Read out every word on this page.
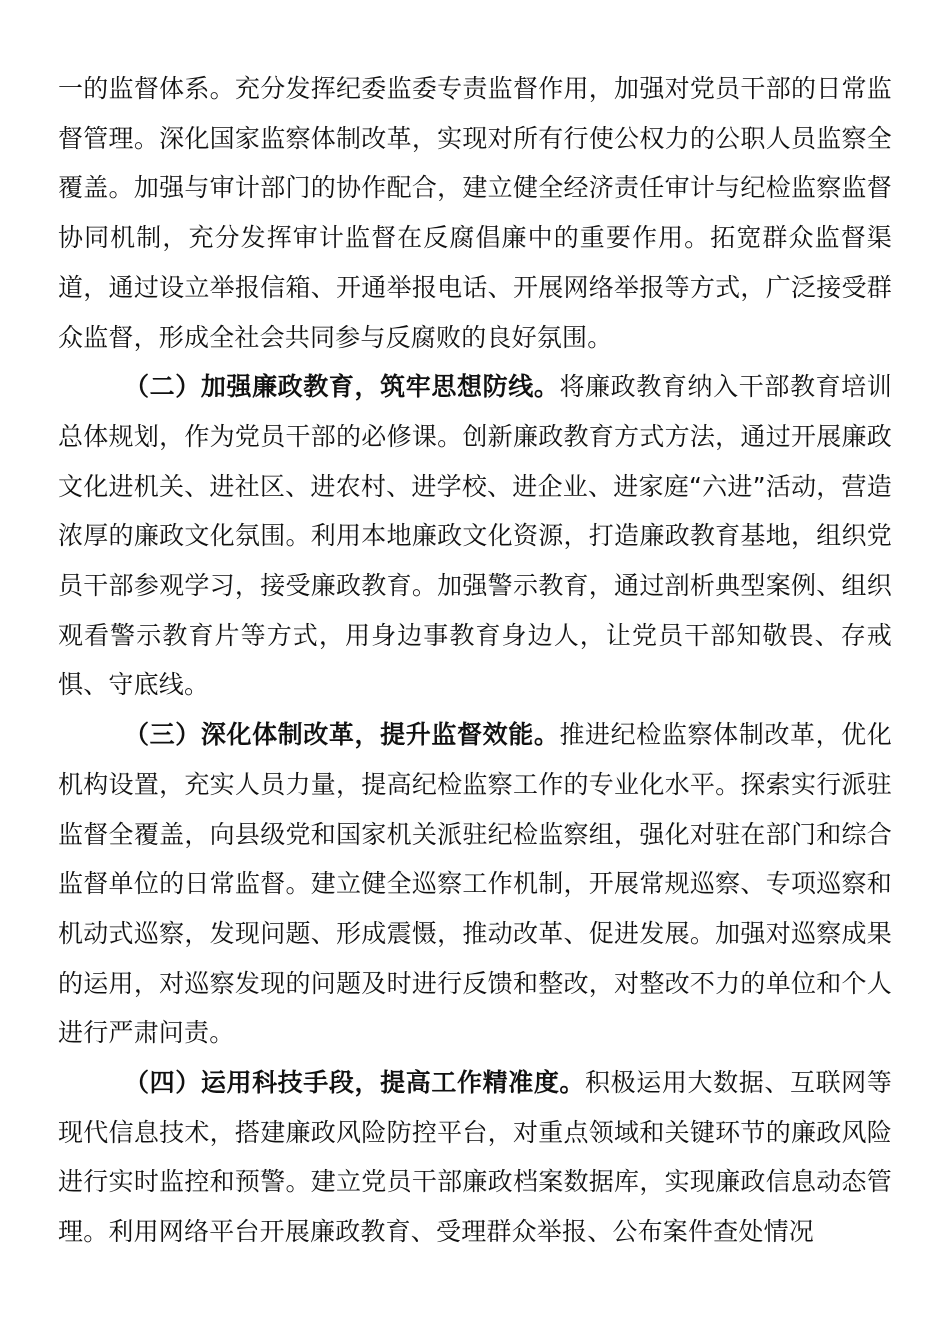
一的监督体系。充分发挥纪委监委专责监督作用，加强对党员干部的日常监督管理。深化国家监察体制改革，实现对所有行使公权力的公职人员监察全覆盖。加强与审计部门的协作配合，建立健全经济责任审计与纪检监察监督协同机制，充分发挥审计监督在反腐倡廉中的重要作用。拓宽群众监督渠道，通过设立举报信箱、开通举报电话、开展网络举报等方式，广泛接受群众监督，形成全社会共同参与反腐败的良好氛围。

（二）加强廉政教育，筑牢思想防线。将廉政教育纳入干部教育培训总体规划，作为党员干部的必修课。创新廉政教育方式方法，通过开展廉政文化进机关、进社区、进农村、进学校、进企业、进家庭“六进”活动，营造浓厚的廉政文化氛围。利用本地廉政文化资源，打造廉政教育基地，组织党员干部参观学习，接受廉政教育。加强警示教育，通过剖析典型案例、组织观看警示教育片等方式，用身边事教育身边人，让党员干部知敬畏、存戒惧、守底线。

（三）深化体制改革，提升监督效能。推进纪检监察体制改革，优化机构设置，充实人员力量，提高纪检监察工作的专业化水平。探索实行派驻监督全覆盖，向县级党和国家机关派驻纪检监察组，强化对驻在部门和综合监督单位的日常监督。建立健全巡察工作机制，开展常规巡察、专项巡察和机动式巡察，发现问题、形成震慑，推动改革、促进发展。加强对巡察成果的运用，对巡察发现的问题及时进行反馈和整改，对整改不力的单位和个人进行严肃问责。

（四）运用科技手段，提高工作精准度。积极运用大数据、互联网等现代信息技术，搭建廉政风险防控平台，对重点领域和关键环节的廉政风险进行实时监控和预警。建立党员干部廉政档案数据库，实现廉政信息动态管理。利用网络平台开展廉政教育、受理群众举报、公布案件查处情况
